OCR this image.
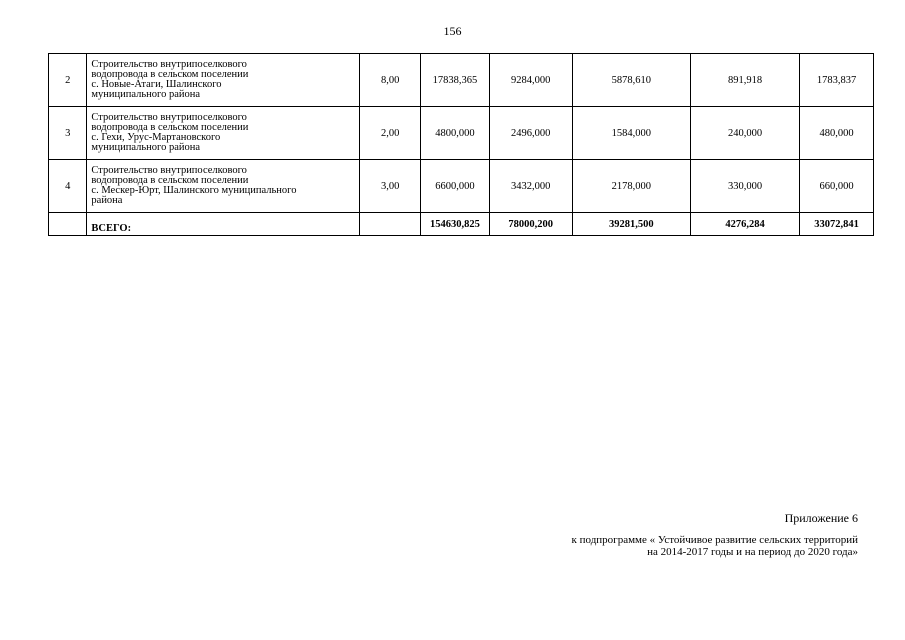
156
2	Строительство внутрипоселкового
водопровода в сельском поселении
с. Новые-Атаги, Шалинского
муниципального района	8,00	17838,365	9284,000	5878,610	891,918	1783,837
3	Строительство внутрипоселкового
водопровода в сельском поселении
с. Гехи, Урус-Мартановского
муниципального района	2,00	4800,000	2496,000	1584,000	240,000	480,000
4	Строительство внутрипоселкового
водопровода в сельском поселении
с. Мескер-Юрт, Шалинского муниципального
района	3,00	6600,000	3432,000	2178,000	330,000	660,000
	ВСЕГО:		154630,825	78000,200	39281,500	4276,284	33072,841
Приложение 6
к подпрограмме « Устойчивое развитие сельских территорий
на 2014-2017 годы и на период до 2020 года»
